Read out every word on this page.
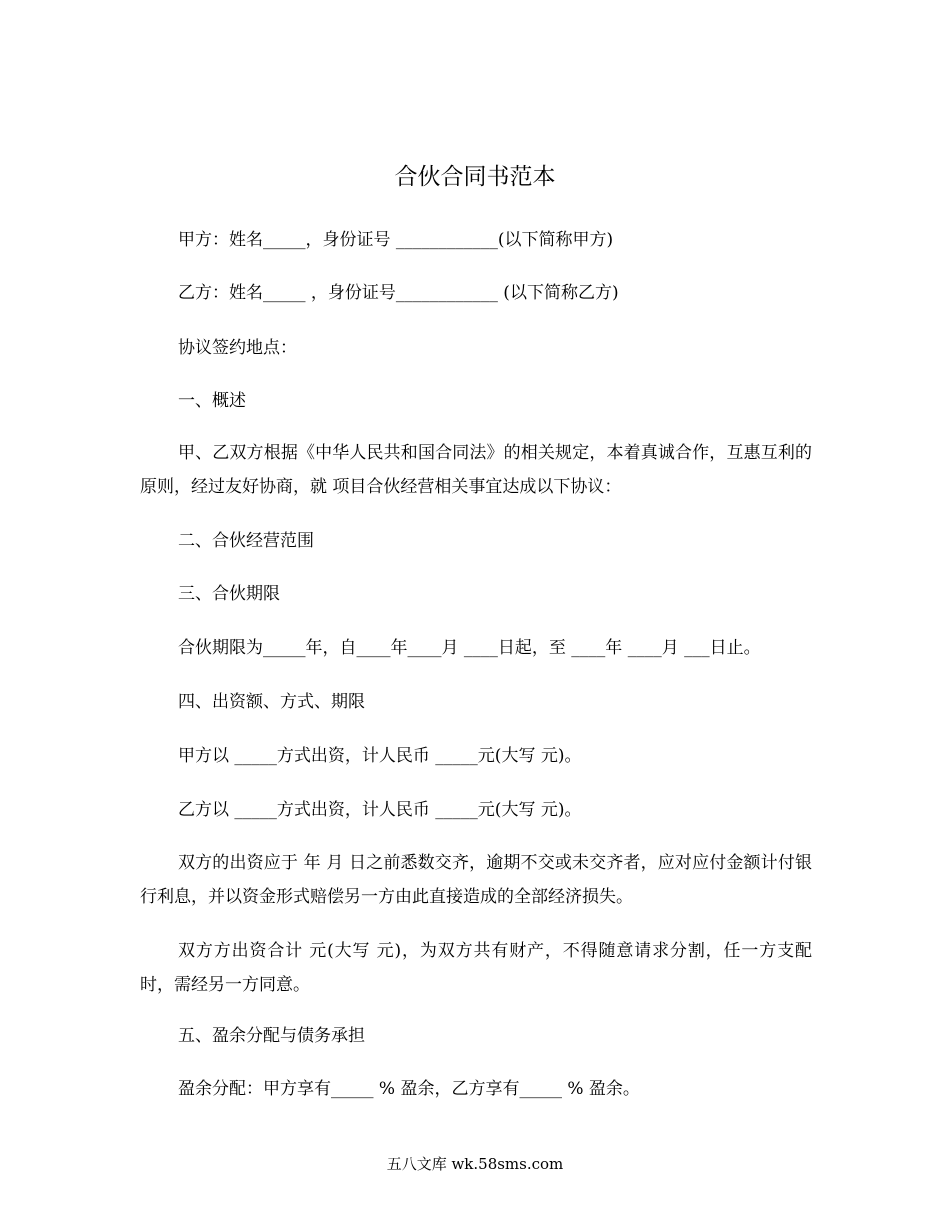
合伙合同书范本
甲方：姓名_____，身份证号 ____________(以下简称甲方)
乙方：姓名_____ ，身份证号____________ (以下简称乙方)
协议签约地点：
一、概述
甲、乙双方根据《中华人民共和国合同法》的相关规定，本着真诚合作，互惠互利的原则，经过友好协商，就 项目合伙经营相关事宜达成以下协议：
二、合伙经营范围
三、合伙期限
合伙期限为_____年，自____年____月 ____日起，至 ____年 ____月 ___日止。
四、出资额、方式、期限
甲方以 _____方式出资，计人民币 _____元(大写 元)。
乙方以 _____方式出资，计人民币 _____元(大写 元)。
双方的出资应于 年 月 日之前悉数交齐，逾期不交或未交齐者，应对应付金额计付银行利息，并以资金形式赔偿另一方由此直接造成的全部经济损失。
双方方出资合计 元(大写 元)，为双方共有财产，不得随意请求分割，任一方支配时，需经另一方同意。
五、盈余分配与债务承担
盈余分配：甲方享有_____ % 盈余，乙方享有_____ % 盈余。
五八文库 wk.58sms.com
